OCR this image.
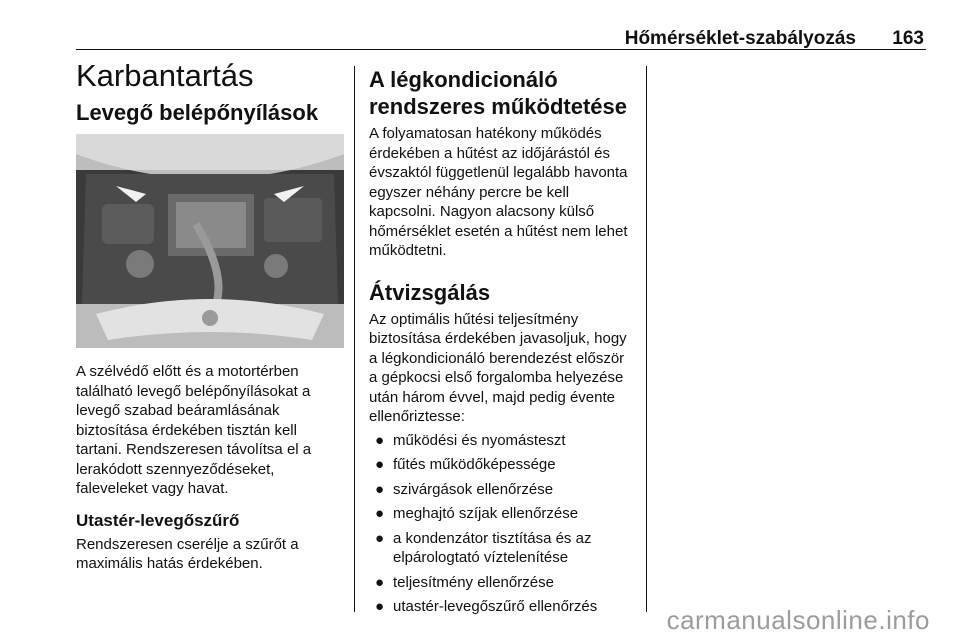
Hőmérséklet-szabályozás 163
Karbantartás
Levegő belépőnyílások

A szélvédő előtt és a motortérben található levegő belépőnyílásokat a levegő szabad beáramlásának biztosítása érdekében tisztán kell tartani. Rendszeresen távolítsa el a lerakódott szennyeződéseket, faleveleket vagy havat.

Utastér-levegőszűrő

Rendszeresen cserélje a szűrőt a maximális hatás érdekében.

A légkondicionáló rendszeres működtetése

A folyamatosan hatékony működés érdekében a hűtést az időjárástól és évszaktól függetlenül legalább havonta egyszer néhány percre be kell kapcsolni. Nagyon alacsony külső hőmérséklet esetén a hűtést nem lehet működtetni.

Átvizsgálás

Az optimális hűtési teljesítmény biztosítása érdekében javasoljuk, hogy a légkondicionáló berendezést először a gépkocsi első forgalomba helyezése után három évvel, majd pedig évente ellenőriztesse:

● működési és nyomásteszt
● fűtés működőképessége
● szivárgások ellenőrzése
● meghajtó szíjak ellenőrzése
● a kondenzátor tisztítása és az elpárologtató víztelenítése
● teljesítmény ellenőrzése
● utastér-levegőszűrő ellenőrzés	carmanualsonline.info
